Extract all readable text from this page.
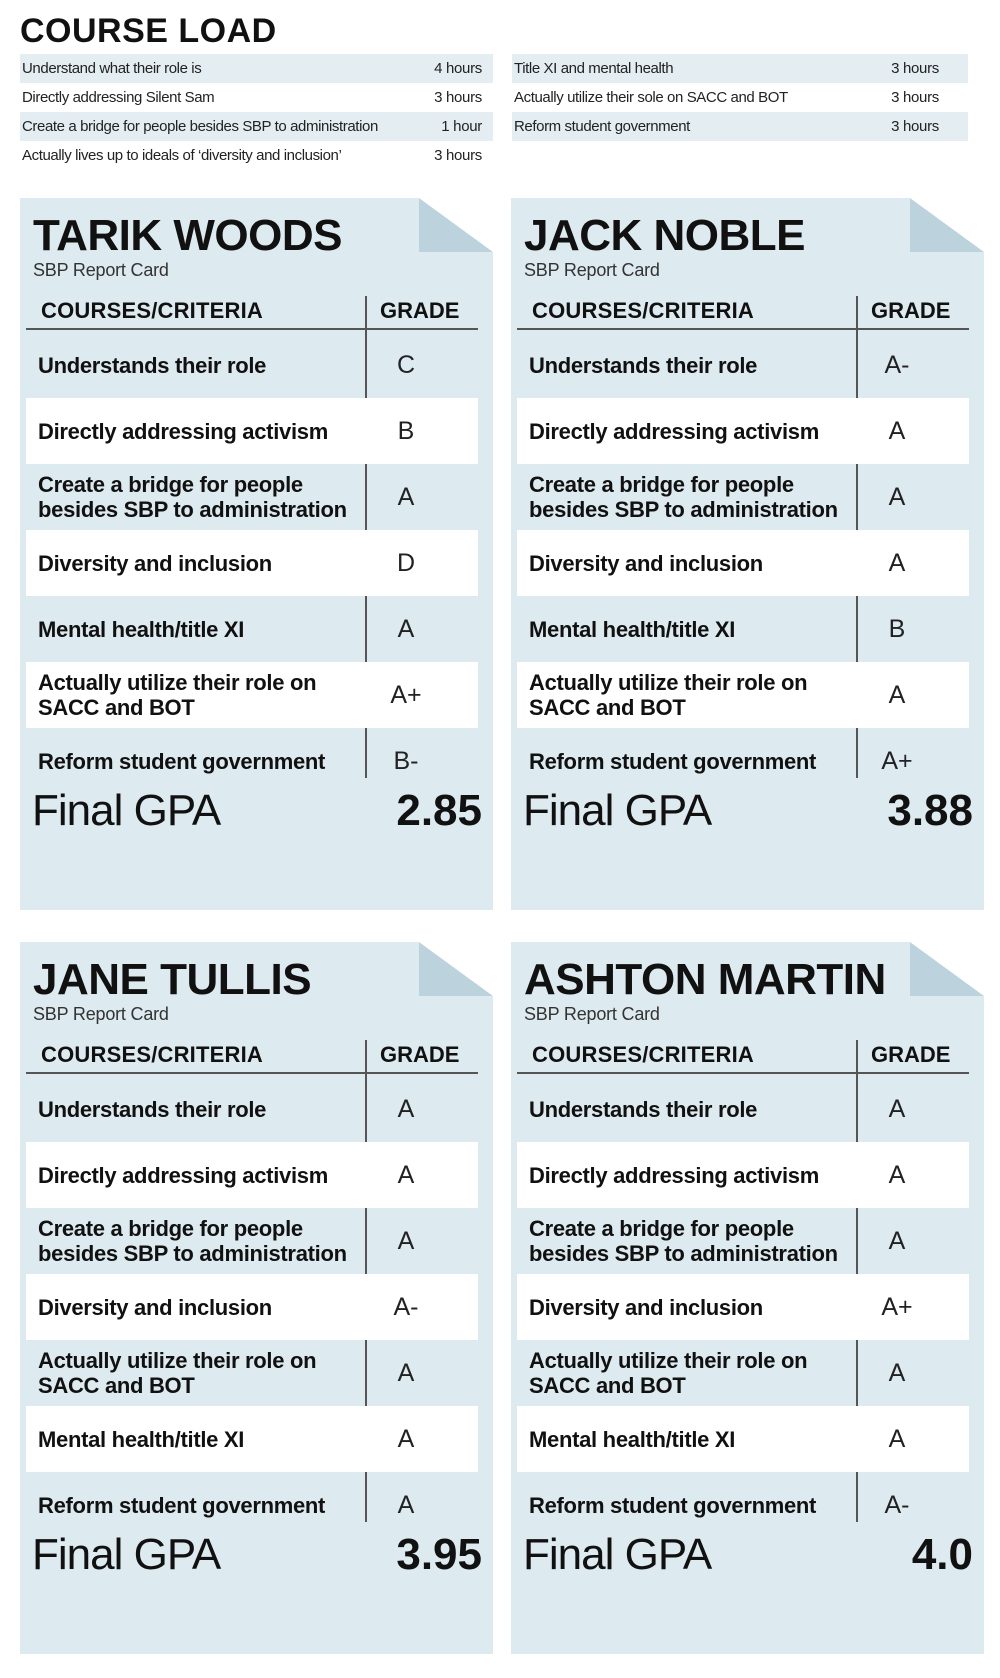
COURSE LOAD
Understand what their role is	4 hours
Directly addressing Silent Sam	3 hours
Create a bridge for people besides SBP to administration	1 hour
Actually lives up to ideals of ‘diversity and inclusion’	3 hours
Title XI and mental health	3 hours
Actually utilize their sole on SACC and BOT	3 hours
Reform student government	3 hours
TARIK WOODS
SBP Report Card
COURSES/CRITERIA	GRADE
Understands their role	C
Directly addressing activism	B
Create a bridge for people besides SBP to administration	A
Diversity and inclusion	D
Mental health/title XI	A
Actually utilize their role on SACC and BOT	A+
Reform student government	B-
Final GPA	2.85
JACK NOBLE
SBP Report Card
COURSES/CRITERIA	GRADE
Understands their role	A-
Directly addressing activism	A
Create a bridge for people besides SBP to administration	A
Diversity and inclusion	A
Mental health/title XI	B
Actually utilize their role on SACC and BOT	A
Reform student government	A+
Final GPA	3.88
JANE TULLIS
SBP Report Card
COURSES/CRITERIA	GRADE
Understands their role	A
Directly addressing activism	A
Create a bridge for people besides SBP to administration	A
Diversity and inclusion	A-
Actually utilize their role on SACC and BOT	A
Mental health/title XI	A
Reform student government	A
Final GPA	3.95
ASHTON MARTIN
SBP Report Card
COURSES/CRITERIA	GRADE
Understands their role	A
Directly addressing activism	A
Create a bridge for people besides SBP to administration	A
Diversity and inclusion	A+
Actually utilize their role on SACC and BOT	A
Mental health/title XI	A
Reform student government	A-
Final GPA	4.0
